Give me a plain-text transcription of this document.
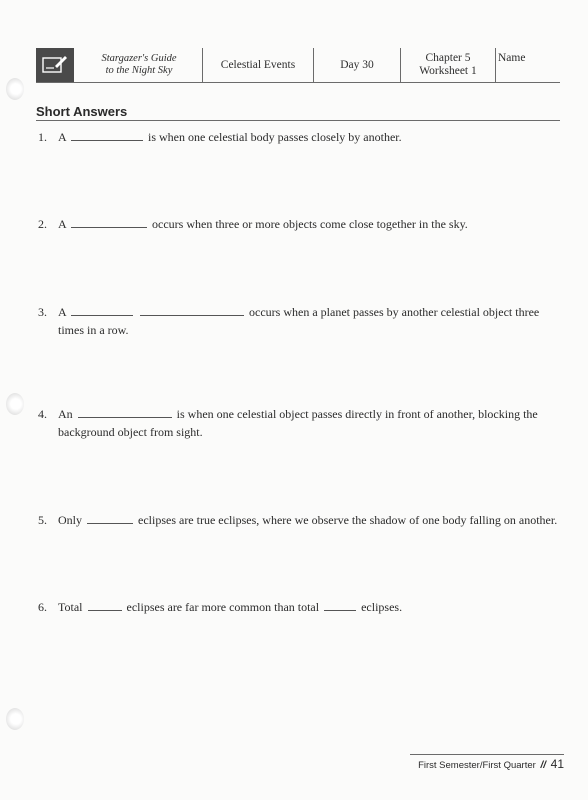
Stargazer's Guide
to the Night Sky	Celestial Events	Day 30
Chapter 5
Worksheet 1
Name
Short Answers
1. A	is when one celestial body passes closely by another.
2. A	occurs when three or more objects come close together in the sky.
3. A	occurs when a planet passes by another celestial object three times in a row.
4. An	is when one celestial object passes directly in front of another, blocking the background object from sight.
5. Only	eclipses are true eclipses, where we observe the shadow of one body falling on another.
6. Total	eclipses are far more common than total	eclipses.
First Semester/First Quarter // 41
